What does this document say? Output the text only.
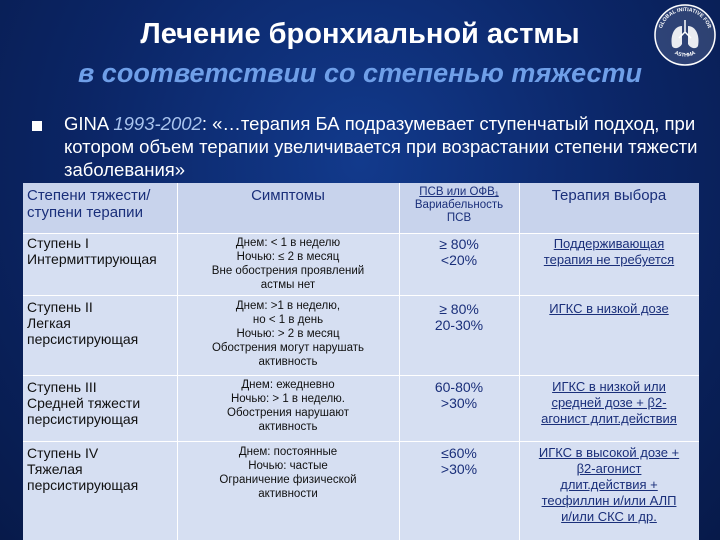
GLOBAL INITIATIVE FOR
ASTHMA
Лечение бронхиальной астмы
в соответствии со степенью тяжести
GINA 1993-2002: «…терапия БА подразумевает ступенчатый подход, при котором объем терапии увеличивается при возрастании степени тяжести заболевания»
Степени тяжести/
ступени терапии
Симптомы	ПСВ или ОФВ₁
Вариабельность
ПСВ
Терапия выбора
Ступень I
Интермиттирующая
Днем: < 1 в неделю
Ночью: ≤ 2 в месяц
Вне обострения проявлений
астмы нет
≥ 80%
<20%
Поддерживающая
терапия не требуется
Ступень II
Легкая
персистирующая
Днем: >1 в неделю,
но < 1 в день
Ночью: > 2 в месяц
Обострения могут нарушать
активность
≥ 80%
20-30%
ИГКС в низкой дозе
Ступень III
Средней тяжести
персистирующая
Днем: ежедневно
Ночью: > 1 в неделю.
Обострения нарушают
активность
60-80%
>30%
ИГКС в низкой или
средней дозе + β2-
агонист длит.действия
Ступень IV
Тяжелая
персистирующая
Днем: постоянные
Ночью: частые
Ограничение физической
активности
≤60%
>30%
ИГКС в высокой дозе +
β2-агонист
длит.действия +
теофиллин и/или АЛП
и/или СКС и др.
